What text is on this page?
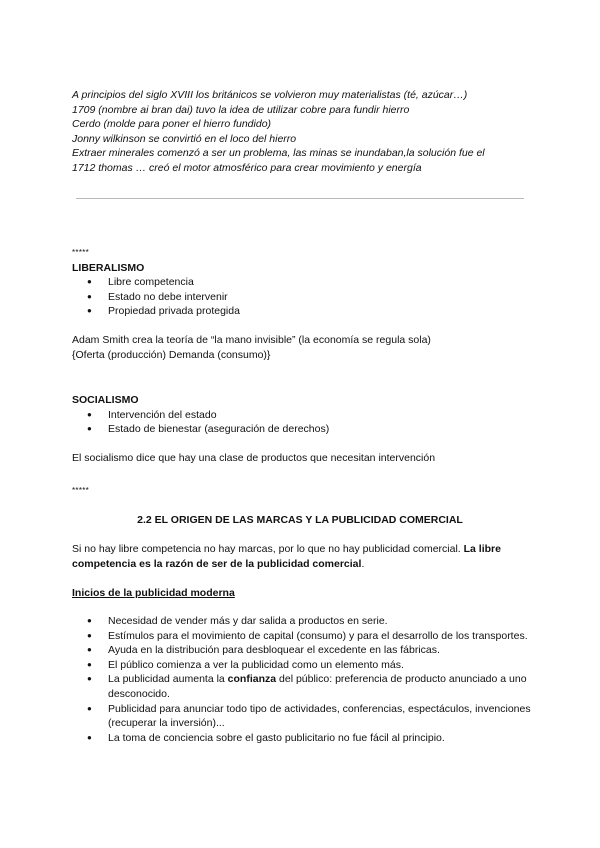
A principios del siglo XVIII los británicos se volvieron muy materialistas (té, azúcar…)
1709 (nombre ai bran dai) tuvo la idea de utilizar cobre para fundir hierro
Cerdo (molde para poner el hierro fundido)
Jonny wilkinson se convirtió en el loco del hierro
Extraer minerales comenzó a ser un problema, las minas se inundaban,la solución fue el
1712 thomas … creó el motor atmosférico para crear movimiento y energía
*****
LIBERALISMO
● Libre competencia
● Estado no debe intervenir
● Propiedad privada protegida
Adam Smith crea la teoría de “la mano invisible” (la economía se regula sola)
{Oferta (producción) Demanda (consumo)}
SOCIALISMO
● Intervención del estado
● Estado de bienestar (aseguración de derechos)
El socialismo dice que hay una clase de productos que necesitan intervención
*****
2.2 EL ORIGEN DE LAS MARCAS Y LA PUBLICIDAD COMERCIAL
Si no hay libre competencia no hay marcas, por lo que no hay publicidad comercial. La libre competencia es la razón de ser de la publicidad comercial.
Inicios de la publicidad moderna
● Necesidad de vender más y dar salida a productos en serie.
● Estímulos para el movimiento de capital (consumo) y para el desarrollo de los transportes.
● Ayuda en la distribución para desbloquear el excedente en las fábricas.
● El público comienza a ver la publicidad como un elemento más.
● La publicidad aumenta la confianza del público: preferencia de producto anunciado a uno desconocido.
● Publicidad para anunciar todo tipo de actividades, conferencias, espectáculos, invenciones (recuperar la inversión)...
● La toma de conciencia sobre el gasto publicitario no fue fácil al principio.
